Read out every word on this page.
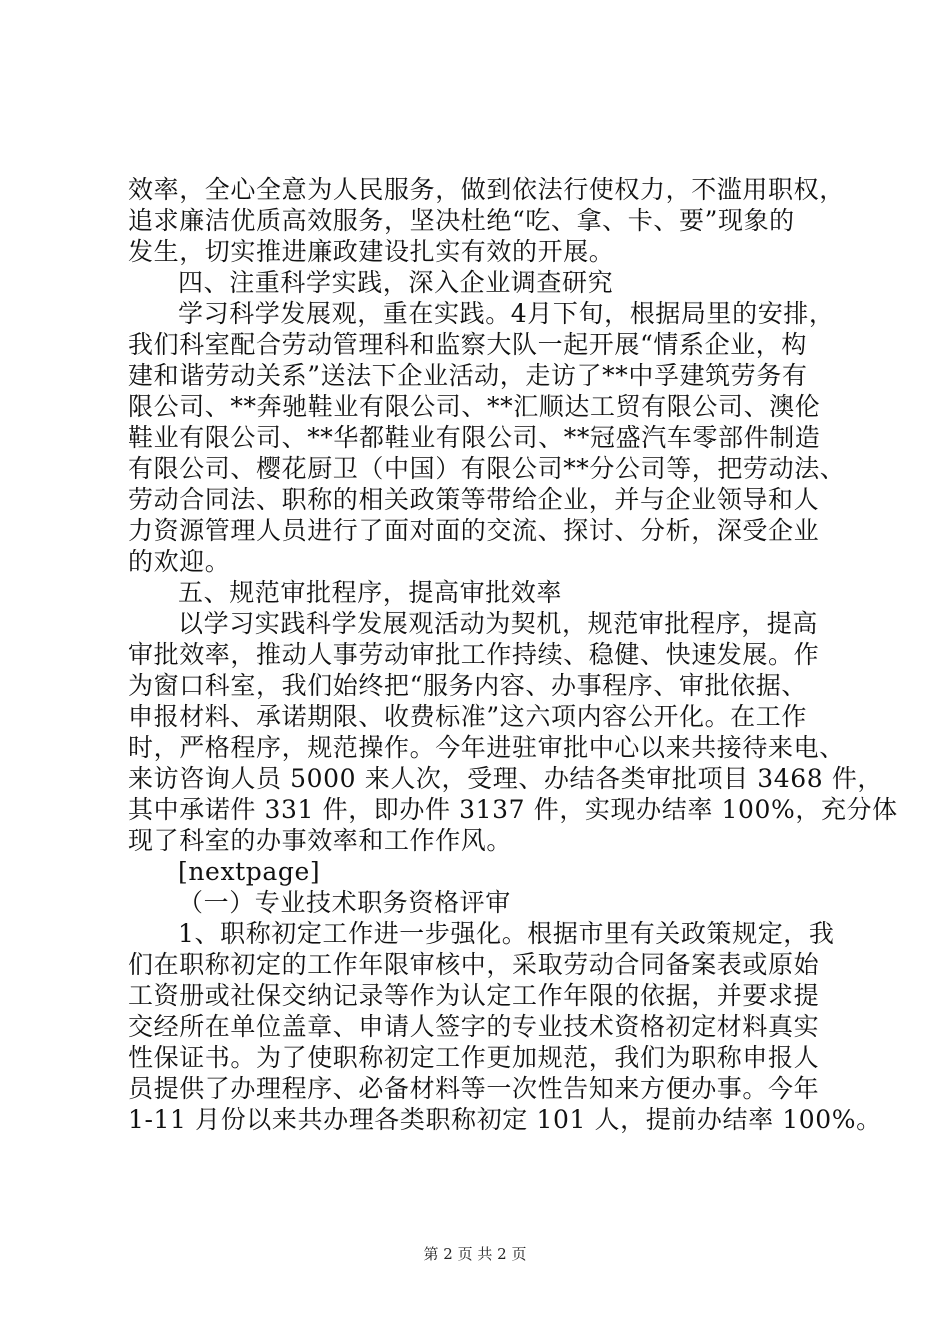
效率，全心全意为人民服务，做到依法行使权力，不滥用职权，
追求廉洁优质高效服务，坚决杜绝“吃、拿、卡、要”现象的
发生，切实推进廉政建设扎实有效的开展。
四、注重科学实践，深入企业调查研究
学习科学发展观，重在实践。4月下旬，根据局里的安排，
我们科室配合劳动管理科和监察大队一起开展“情系企业，构
建和谐劳动关系”送法下企业活动，走访了**中孚建筑劳务有
限公司、**奔驰鞋业有限公司、**汇顺达工贸有限公司、澳伦
鞋业有限公司、**华都鞋业有限公司、**冠盛汽车零部件制造
有限公司、樱花厨卫（中国）有限公司**分公司等，把劳动法、
劳动合同法、职称的相关政策等带给企业，并与企业领导和人
力资源管理人员进行了面对面的交流、探讨、分析，深受企业
的欢迎。
五、规范审批程序，提高审批效率
以学习实践科学发展观活动为契机，规范审批程序，提高
审批效率，推动人事劳动审批工作持续、稳健、快速发展。作
为窗口科室，我们始终把“服务内容、办事程序、审批依据、
申报材料、承诺期限、收费标准”这六项内容公开化。在工作
时，严格程序，规范操作。今年进驻审批中心以来共接待来电、
来访咨询人员 5000 来人次，受理、办结各类审批项目 3468 件，
其中承诺件 331 件，即办件 3137 件，实现办结率 100%，充分体
现了科室的办事效率和工作作风。
[nextpage]
（一）专业技术职务资格评审
1、职称初定工作进一步强化。根据市里有关政策规定，我
们在职称初定的工作年限审核中，采取劳动合同备案表或原始
工资册或社保交纳记录等作为认定工作年限的依据，并要求提
交经所在单位盖章、申请人签字的专业技术资格初定材料真实
性保证书。为了使职称初定工作更加规范，我们为职称申报人
员提供了办理程序、必备材料等一次性告知来方便办事。今年
1-11 月份以来共办理各类职称初定 101 人，提前办结率 100%。
第 2 页 共 2 页
